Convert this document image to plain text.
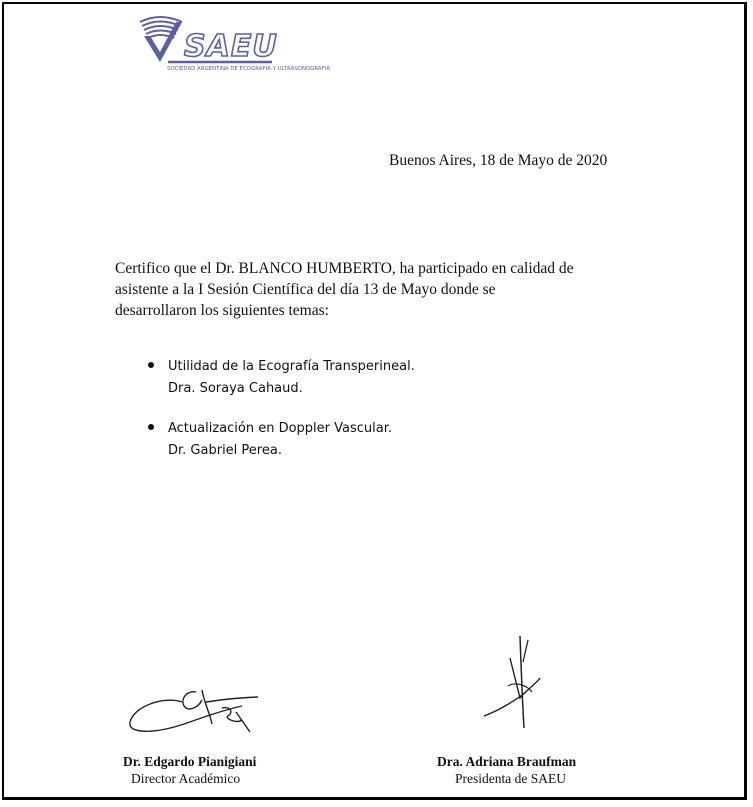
SAEU
SOCIEDAD ARGENTINA DE ECOGRAFIA Y ULTRASONOGRAFIA
Buenos Aires, 18 de Mayo de 2020
Certifico que el Dr. BLANCO HUMBERTO, ha participado en calidad de
asistente a la I Sesión Científica del día 13 de Mayo donde se
desarrollaron los siguientes temas:
Utilidad de la Ecografía Transperineal.
Dra. Soraya Cahaud.
Actualización en Doppler Vascular.
Dr. Gabriel Perea.
Dr. Edgardo Pianigiani
Director Académico
Dra. Adriana Braufman
Presidenta de SAEU
